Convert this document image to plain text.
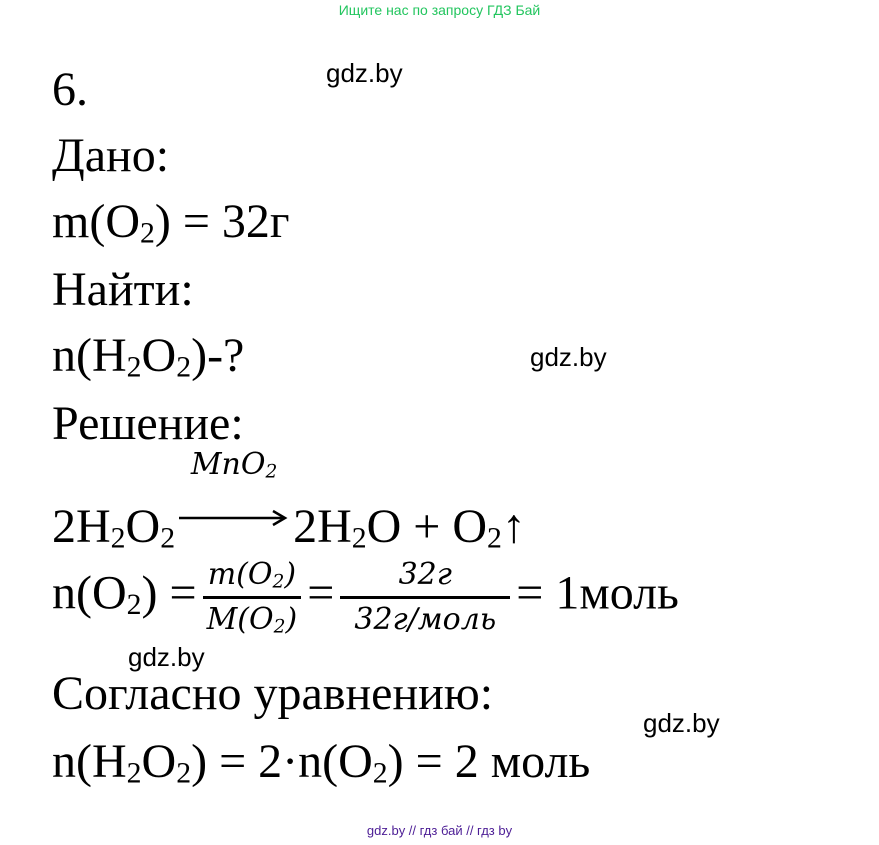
Ищите нас по запросу ГДЗ Бай
gdz.by
gdz.by
gdz.by
gdz.by
6.
Дано:
$m(O_2) = 32г$
Найти:
$n(H_2O_2)-$?
Решение:
$2H_2O_2$
MnO$_2$
$2H_2O$ + $O_2↑$
$n(O_2) = \frac{m(O_2)}{M(O_2)} = \frac{32г}{\text{32г/моль}}$ = 1моль
Согласно уравнению:
$n(H_2O_2) = 2\cdot n(O_2) = 2$ моль
gdz.by // гдз бай // гдз by
